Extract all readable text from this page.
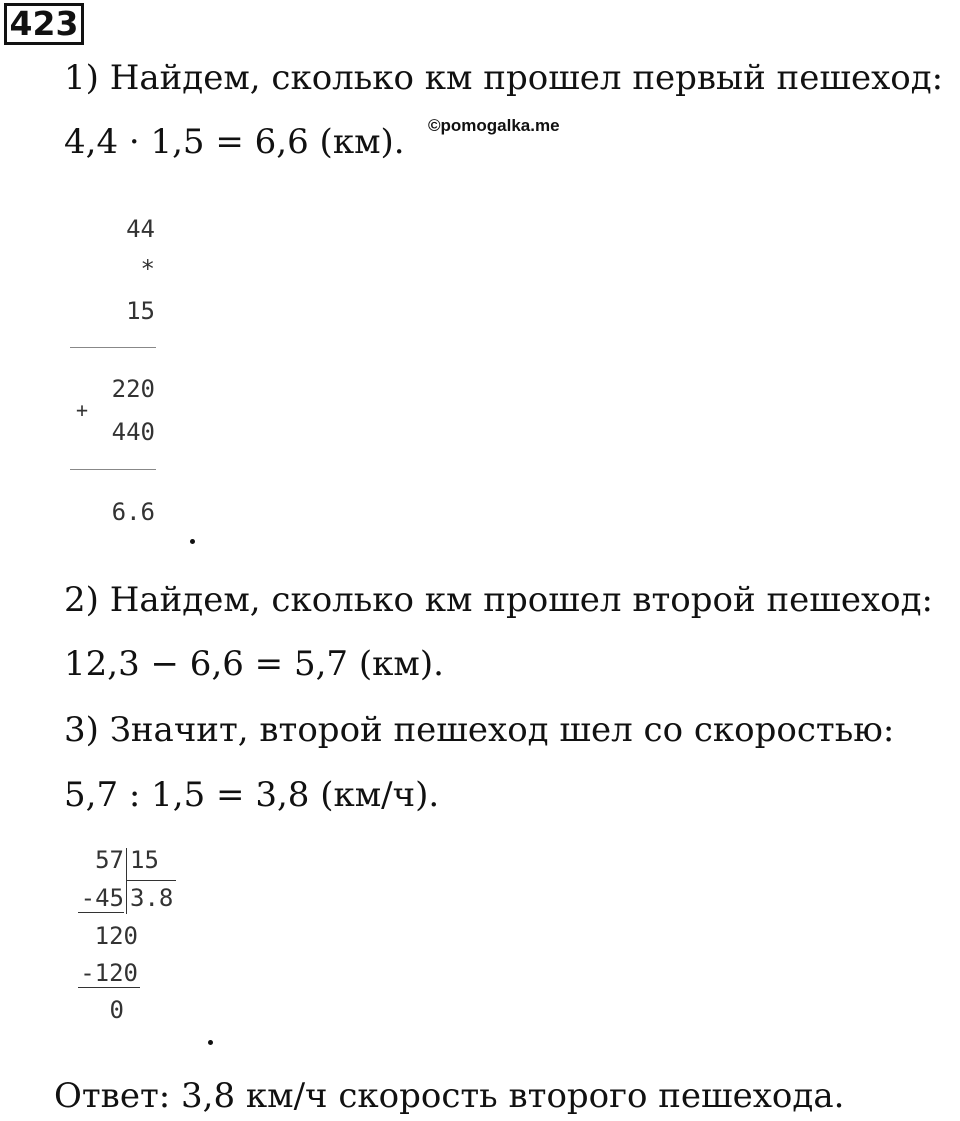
423
1) Найдем, сколько км прошел первый пешеход:
4,4 · 1,5 = 6,6 (км). ©pomogalka.me
44
*
15
220
+
440
6.6
2) Найдем, сколько км прошел второй пешеход:
12,3 − 6,6 = 5,7 (км).
3) Значит, второй пешеход шел со скоростью:
5,7 : 1,5 = 3,8 (км/ч).
57 15
-45 3.8
120
-120
0
Ответ: 3,8 км/ч скорость второго пешехода.
